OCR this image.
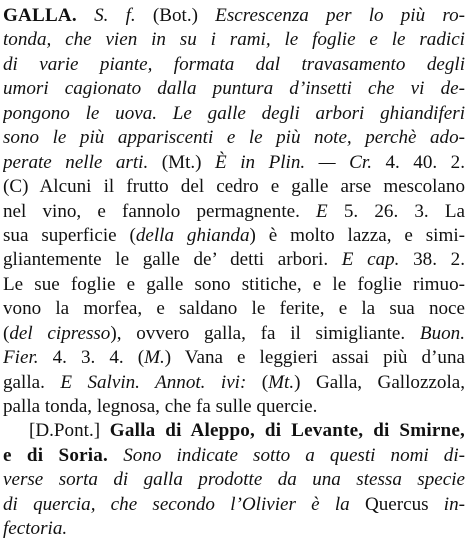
GALLA. S. f. (Bot.) Escrescenza per lo più ro-
tonda, che vien in su i rami, le foglie e le radici
di varie piante, formata dal travasamento degli
umori cagionato dalla puntura d’insetti che vi de-
pongono le uova. Le galle degli arbori ghiandiferi
sono le più appariscenti e le più note, perchè ado-
perate nelle arti. (Mt.) È in Plin. — Cr. 4. 40. 2.
(C) Alcuni il frutto del cedro e galle arse mescolano
nel vino, e fannolo permagnente. E 5. 26. 3. La
sua superficie (della ghianda) è molto lazza, e simi-
gliantemente le galle de’ detti arbori. E cap. 38. 2.
Le sue foglie e galle sono stitiche, e le foglie rimuo-
vono la morfea, e saldano le ferite, e la sua noce
(del cipresso), ovvero galla, fa il simigliante. Buon.
Fier. 4. 3. 4. (M.) Vana e leggieri assai più d’una
galla. E Salvin. Annot. ivi: (Mt.) Galla, Gallozzola,
palla tonda, legnosa, che fa sulle quercie.
[D.Pont.] Galla di Aleppo, di Levante, di Smirne,
e di Soria. Sono indicate sotto a questi nomi di-
verse sorta di galla prodotte da una stessa specie
di quercia, che secondo l’Olivier è la Quercus in-
fectoria.
